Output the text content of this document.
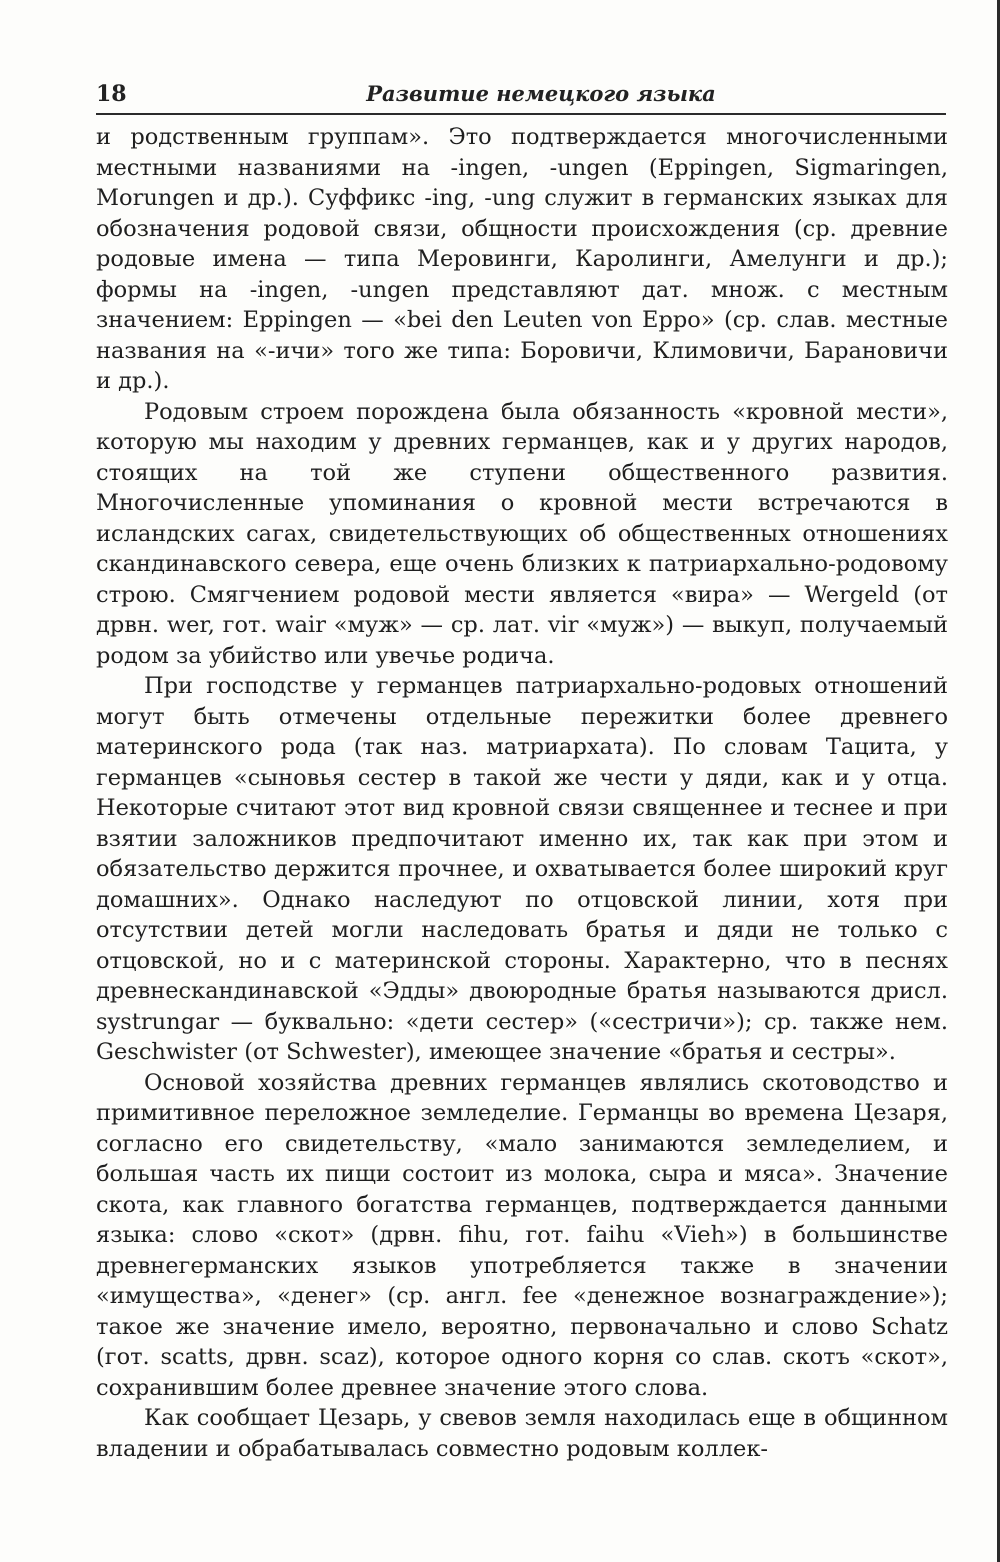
18	Развитие немецкого языка

и родственным группам». Это подтверждается многочисленными местными названиями на -ingen, -ungen (Eppingen, Sigmaringen, Morungen и др.). Суффикс -ing, -ung служит в германских языках для обозначения родовой связи, общности происхождения (ср. древние родовые имена — типа Меровинги, Каролинги, Амелунги и др.); формы на -ingen, -ungen представляют дат. множ. с местным значением: Eppingen — «bei den Leuten von Eppo» (ср. слав. местные названия на «-ичи» того же типа: Боровичи, Климовичи, Барановичи и др.).

Родовым строем порождена была обязанность «кровной мести», которую мы находим у древних германцев, как и у других народов, стоящих на той же ступени общественного развития. Многочисленные упоминания о кровной мести встречаются в исландских сагах, свидетельствующих об общественных отношениях скандинавского севера, еще очень близких к патриархально-родовому строю. Смягчением родовой мести является «вира» — Wergeld (от дрвн. wer, гот. wair «муж» — ср. лат. vir «муж») — выкуп, получаемый родом за убийство или увечье родича.

При господстве у германцев патриархально-родовых отношений могут быть отмечены отдельные пережитки более древнего материнского рода (так наз. матриархата). По словам Тацита, у германцев «сыновья сестер в такой же чести у дяди, как и у отца. Некоторые считают этот вид кровной связи священнее и теснее и при взятии заложников предпочитают именно их, так как при этом и обязательство держится прочнее, и охватывается более широкий круг домашних». Однако наследуют по отцовской линии, хотя при отсутствии детей могли наследовать братья и дяди не только с отцовской, но и с материнской стороны. Характерно, что в песнях древнескандинавской «Эдды» двоюродные братья называются дрисл. systrungar — буквально: «дети сестер» («сестричи»); ср. также нем. Geschwister (от Schwester), имеющее значение «братья и сестры».

Основой хозяйства древних германцев являлись скотоводство и примитивное переложное земледелие. Германцы во времена Цезаря, согласно его свидетельству, «мало занимаются земледелием, и большая часть их пищи состоит из молока, сыра и мяса». Значение скота, как главного богатства германцев, подтверждается данными языка: слово «скот» (дрвн. fihu, гот. faihu «Vieh») в большинстве древнегерманских языков употребляется также в значении «имущества», «денег» (ср. англ. fee «денежное вознаграждение»); такое же значение имело, вероятно, первоначально и слово Schatz (гот. scatts, дрвн. scaz), которое одного корня со слав. скотъ «скот», сохранившим более древнее значение этого слова.

Как сообщает Цезарь, у свевов земля находилась еще в общинном владении и обрабатывалась совместно родовым коллек-
